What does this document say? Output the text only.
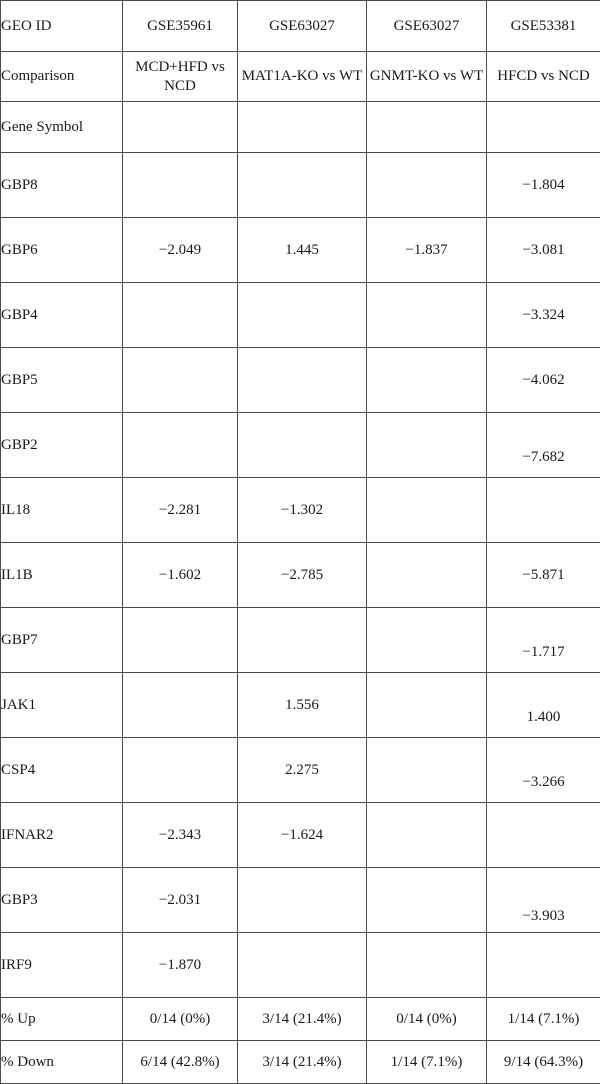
GEO ID	GSE35961	GSE63027	GSE63027	GSE53381
Comparison	MCD+HFD vs NCD	MAT1A-KO vs WT	GNMT-KO vs WT	HFCD vs NCD
Gene Symbol				
GBP8				−1.804
GBP6	−2.049	1.445	−1.837	−3.081
GBP4				−3.324
GBP5				−4.062
GBP2				−7.682
IL18	−2.281	−1.302		
IL1B	−1.602	−2.785		−5.871
GBP7				−1.717
JAK1		1.556		1.400
CSP4		2.275		−3.266
IFNAR2	−2.343	−1.624		
GBP3	−2.031			−3.903
IRF9	−1.870			
% Up	0/14 (0%)	3/14 (21.4%)	0/14 (0%)	1/14 (7.1%)
% Down	6/14 (42.8%)	3/14 (21.4%)	1/14 (7.1%)	9/14 (64.3%)
